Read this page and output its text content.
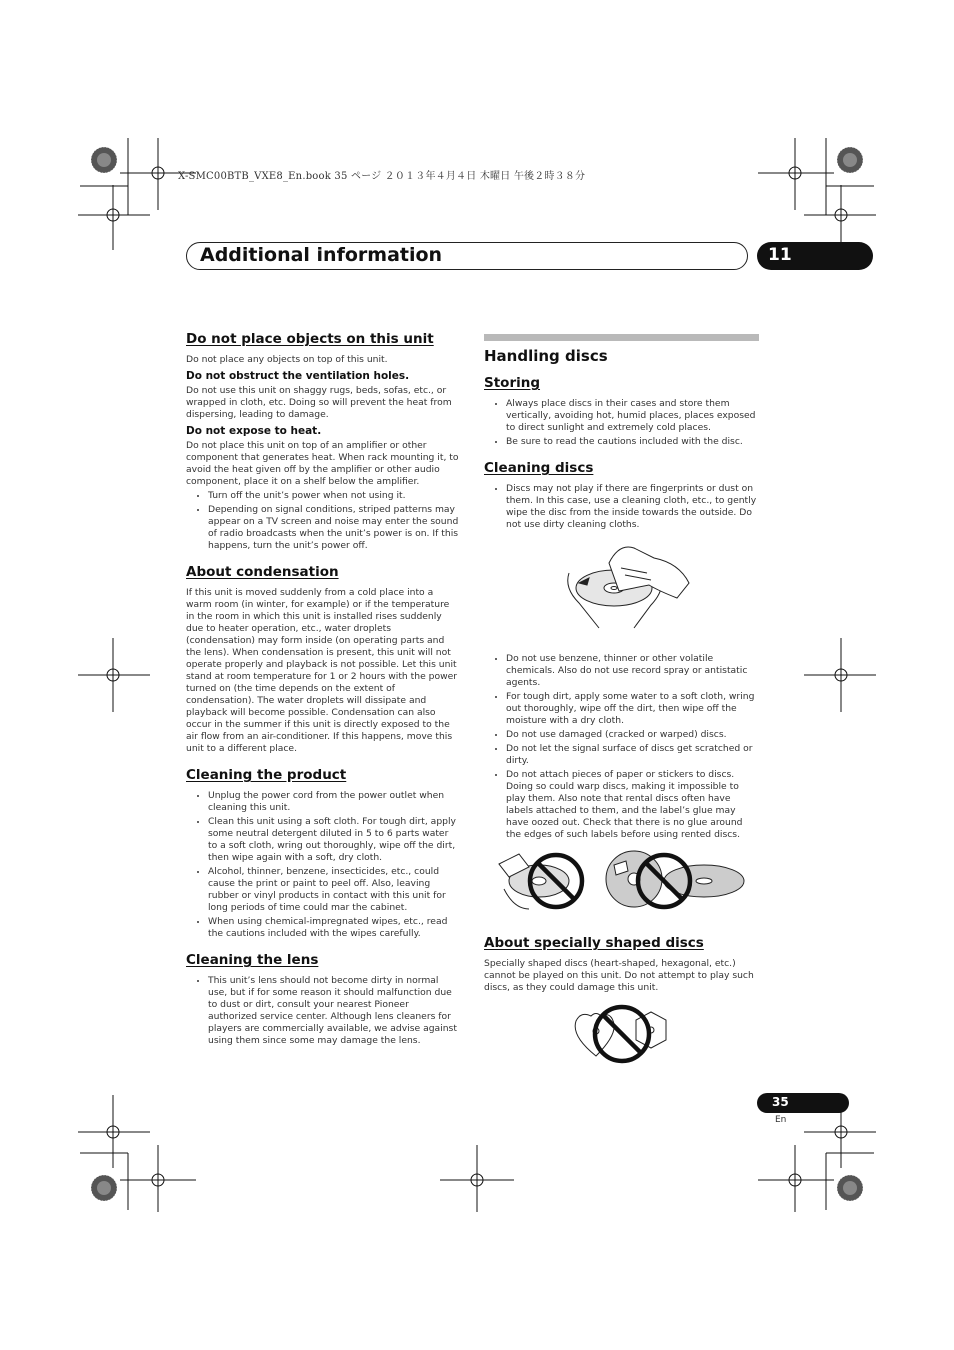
X-SMC00BTB_VXE8_En.book 35 ページ ２０１３年４月４日 木曜日 午後２時３８分
Additional information	11
Do not place objects on this unit

Do not place any objects on top of this unit.

Do not obstruct the ventilation holes.

Do not use this unit on shaggy rugs, beds, sofas, etc., or wrapped in cloth, etc. Doing so will prevent the heat from dispersing, leading to damage.

Do not expose to heat.

Do not place this unit on top of an amplifier or other component that generates heat. When rack mounting it, to avoid the heat given off by the amplifier or other audio component, place it on a shelf below the amplifier.

• Turn off the unit’s power when not using it.
• Depending on signal conditions, striped patterns may appear on a TV screen and noise may enter the sound of radio broadcasts when the unit’s power is on. If this happens, turn the unit’s power off.
About condensation

If this unit is moved suddenly from a cold place into a warm room (in winter, for example) or if the temperature in the room in which this unit is installed rises suddenly due to heater operation, etc., water droplets (condensation) may form inside (on operating parts and the lens). When condensation is present, this unit will not operate properly and playback is not possible. Let this unit stand at room temperature for 1 or 2 hours with the power turned on (the time depends on the extent of condensation). The water droplets will dissipate and playback will become possible. Condensation can also occur in the summer if this unit is directly exposed to the air flow from an air-conditioner. If this happens, move this unit to a different place.

Cleaning the product
• Unplug the power cord from the power outlet when cleaning this unit.
• Clean this unit using a soft cloth. For tough dirt, apply some neutral detergent diluted in 5 to 6 parts water to a soft cloth, wring out thoroughly, wipe off the dirt, then wipe again with a soft, dry cloth.
• Alcohol, thinner, benzene, insecticides, etc., could cause the print or paint to peel off. Also, leaving rubber or vinyl products in contact with this unit for long periods of time could mar the cabinet.
• When using chemical-impregnated wipes, etc., read the cautions included with the wipes carefully.
Cleaning the lens
• This unit’s lens should not become dirty in normal use, but if for some reason it should malfunction due to dust or dirt, consult your nearest Pioneer authorized service center. Although lens cleaners for players are commercially available, we advise against using them since some may damage the lens.
Handling discs
Storing
• Always place discs in their cases and store them vertically, avoiding hot, humid places, places exposed to direct sunlight and extremely cold places.
• Be sure to read the cautions included with the disc.
Cleaning discs
• Discs may not play if there are fingerprints or dust on them. In this case, use a cleaning cloth, etc., to gently wipe the disc from the inside towards the outside. Do not use dirty cleaning cloths.
• Do not use benzene, thinner or other volatile chemicals. Also do not use record spray or antistatic agents.
• For tough dirt, apply some water to a soft cloth, wring out thoroughly, wipe off the dirt, then wipe off the moisture with a dry cloth.
• Do not use damaged (cracked or warped) discs.
• Do not let the signal surface of discs get scratched or dirty.
• Do not attach pieces of paper or stickers to discs. Doing so could warp discs, making it impossible to play them. Also note that rental discs often have labels attached to them, and the label’s glue may have oozed out. Check that there is no glue around the edges of such labels before using rented discs.
About specially shaped discs

Specially shaped discs (heart-shaped, hexagonal, etc.) cannot be played on this unit. Do not attempt to play such discs, as they could damage this unit.

35
En
